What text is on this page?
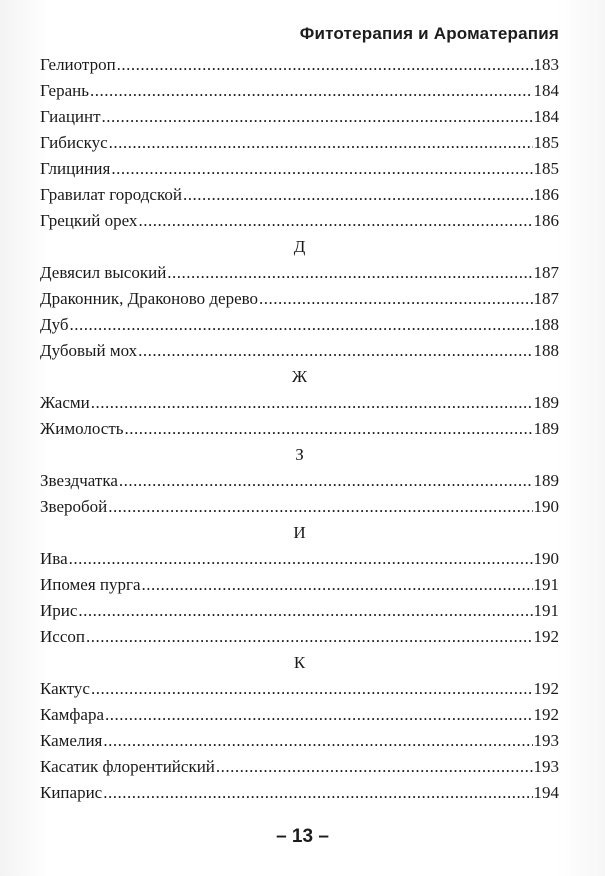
Фитотерапия и Ароматерапия
Гелиотроп .....	183
Герань .....	184
Гиацинт .....	184
Гибискус .....	185
Глициния .....	185
Гравилат городской .....	186
Грецкий орех .....	186
Д
Девясил высокий .....	187
Драконник, Драконово дерево .....	187
Дуб .....	188
Дубовый мох .....	188
Ж
Жасми .....	189
Жимолость .....	189
З
Звездчатка .....	189
Зверобой .....	190
И
Ива .....	190
Ипомея пурга .....	191
Ирис .....	191
Иссоп .....	192
К
Кактус .....	192
Камфара .....	192
Камелия .....	193
Касатик флорентийский .....	193
Кипарис .....	194
– 13 –
